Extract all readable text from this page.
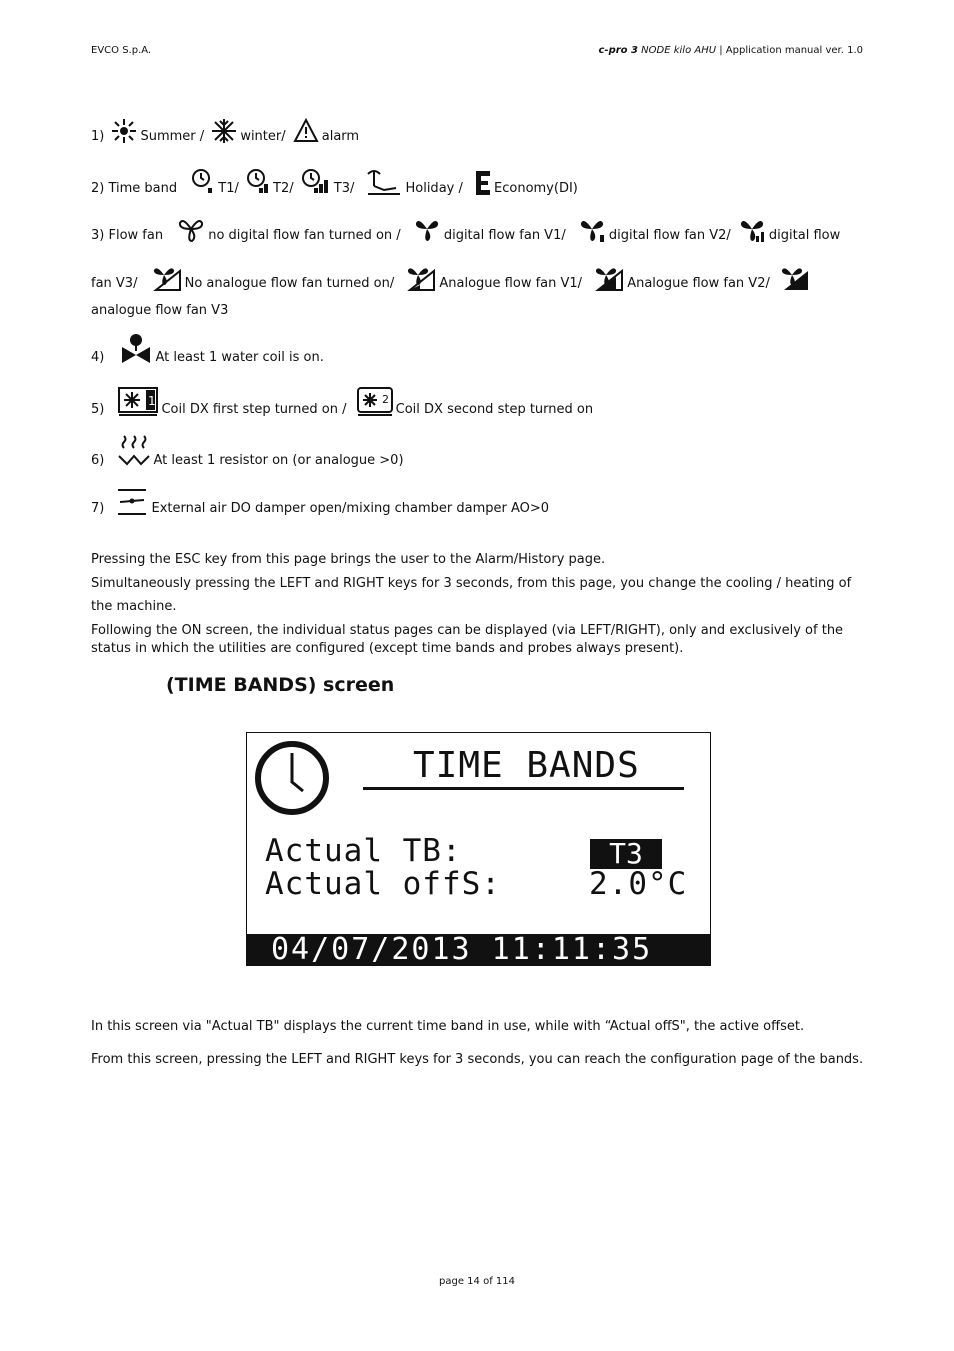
EVCO S.p.A.	c-pro 3 NODE kilo AHU | Application manual ver. 1.0
1)	Summer /	winter/	alarm
2) Time band	T1/	T2/	T3/	Holiday / Economy(DI)
3) Flow fan	no digital flow fan turned on /	digital flow fan V1/	digital flow fan V2/	digital flow
fan V3/	No analogue flow fan turned on/	Analogue flow fan V1/	Analogue flow fan V2/
analogue flow fan V3
4)	At least 1 water coil is on.
5)
1
Coil DX first step turned on /
2
Coil DX second step turned on
6)	At least 1 resistor on (or analogue >0)
7)	External air DO damper open/mixing chamber damper AO>0
Pressing the ESC key from this page brings the user to the Alarm/History page.
Simultaneously pressing the LEFT and RIGHT keys for 3 seconds, from this page, you change the cooling / heating of the machine.
Following the ON screen, the individual status pages can be displayed (via LEFT/RIGHT), only and exclusively of the status in which the utilities are configured (except time bands and probes always present).
(TIME BANDS) screen
TIME BANDS
Actual TB:	T3
Actual offS:	2.0°C
04/07/2013 11:11:35
In this screen via "Actual TB" displays the current time band in use, while with “Actual offS", the active offset.
From this screen, pressing the LEFT and RIGHT keys for 3 seconds, you can reach the configuration page of the bands.
page 14 of 114
